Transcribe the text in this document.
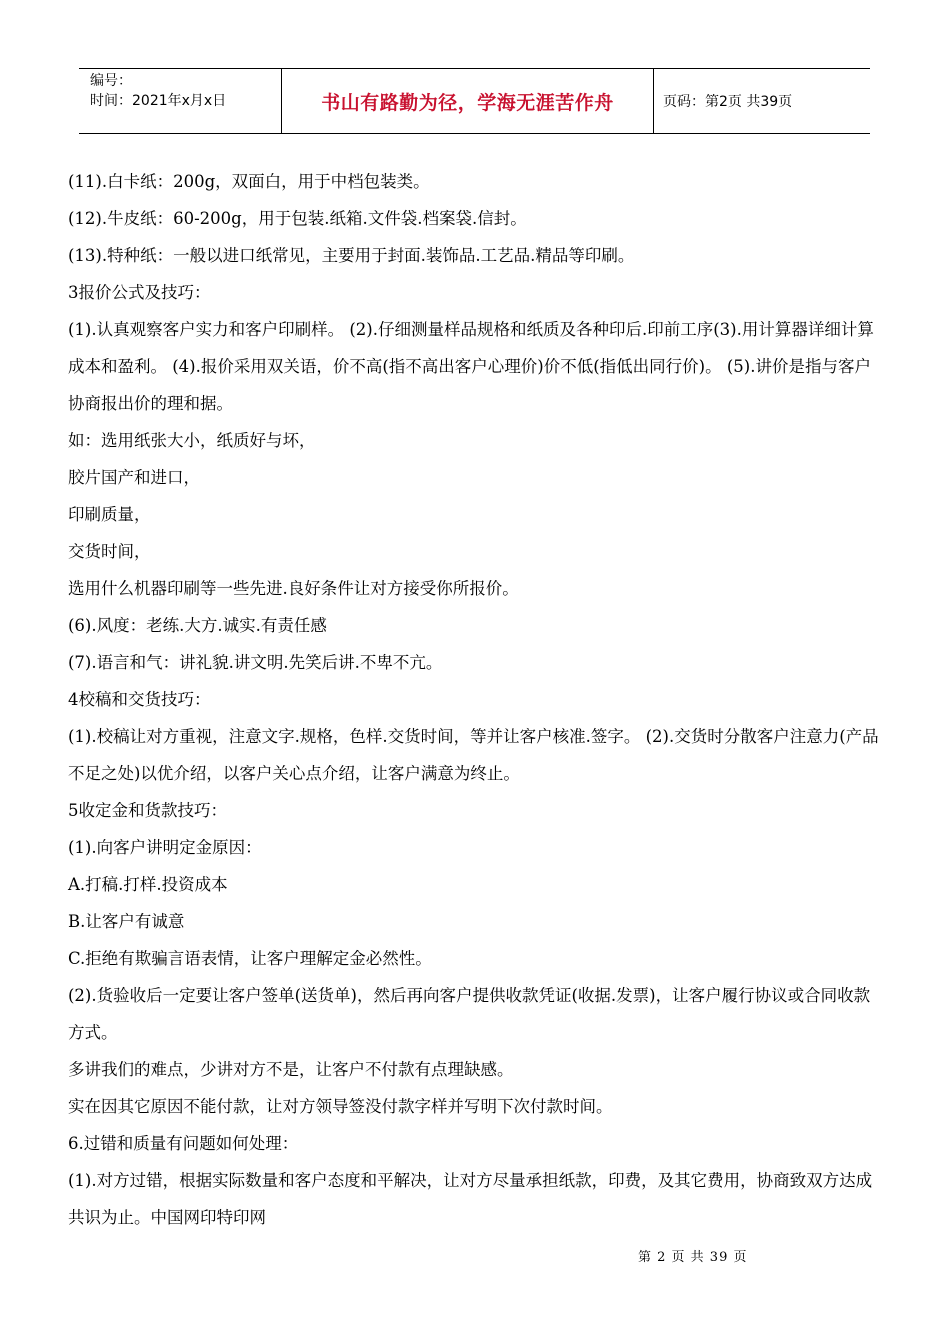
编号：
时间：2021年x月x日	书山有路勤为径，学海无涯苦作舟	页码：第2页 共39页

(11).白卡纸：200g，双面白，用于中档包装类。

(12).牛皮纸：60-200g，用于包装.纸箱.文件袋.档案袋.信封。

(13).特种纸：一般以进口纸常见，主要用于封面.装饰品.工艺品.精品等印刷。

3报价公式及技巧：

(1).认真观察客户实力和客户印刷样。 (2).仔细测量样品规格和纸质及各种印后.印前工序(3).用计算器详细计算成本和盈利。 (4).报价采用双关语，价不高(指不高出客户心理价)价不低(指低出同行价)。 (5).讲价是指与客户协商报出价的理和据。

如：选用纸张大小，纸质好与坏，

胶片国产和进口，

印刷质量，

交货时间，

选用什么机器印刷等一些先进.良好条件让对方接受你所报价。

(6).风度：老练.大方.诚实.有责任感

(7).语言和气：讲礼貌.讲文明.先笑后讲.不卑不亢。

4校稿和交货技巧：

(1).校稿让对方重视，注意文字.规格，色样.交货时间，等并让客户核准.签字。 (2).交货时分散客户注意力(产品不足之处)以优介绍，以客户关心点介绍，让客户满意为终止。

5收定金和货款技巧：

(1).向客户讲明定金原因：

A.打稿.打样.投资成本

B.让客户有诚意

C.拒绝有欺骗言语表情，让客户理解定金必然性。

(2).货验收后一定要让客户签单(送货单)，然后再向客户提供收款凭证(收据.发票)，让客户履行协议或合同收款方式。

多讲我们的难点，少讲对方不是，让客户不付款有点理缺感。

实在因其它原因不能付款，让对方领导签没付款字样并写明下次付款时间。

6.过错和质量有问题如何处理：

(1).对方过错，根据实际数量和客户态度和平解决，让对方尽量承担纸款，印费，及其它费用，协商致双方达成共识为止。中国网印特印网

第 2 页 共 39 页
